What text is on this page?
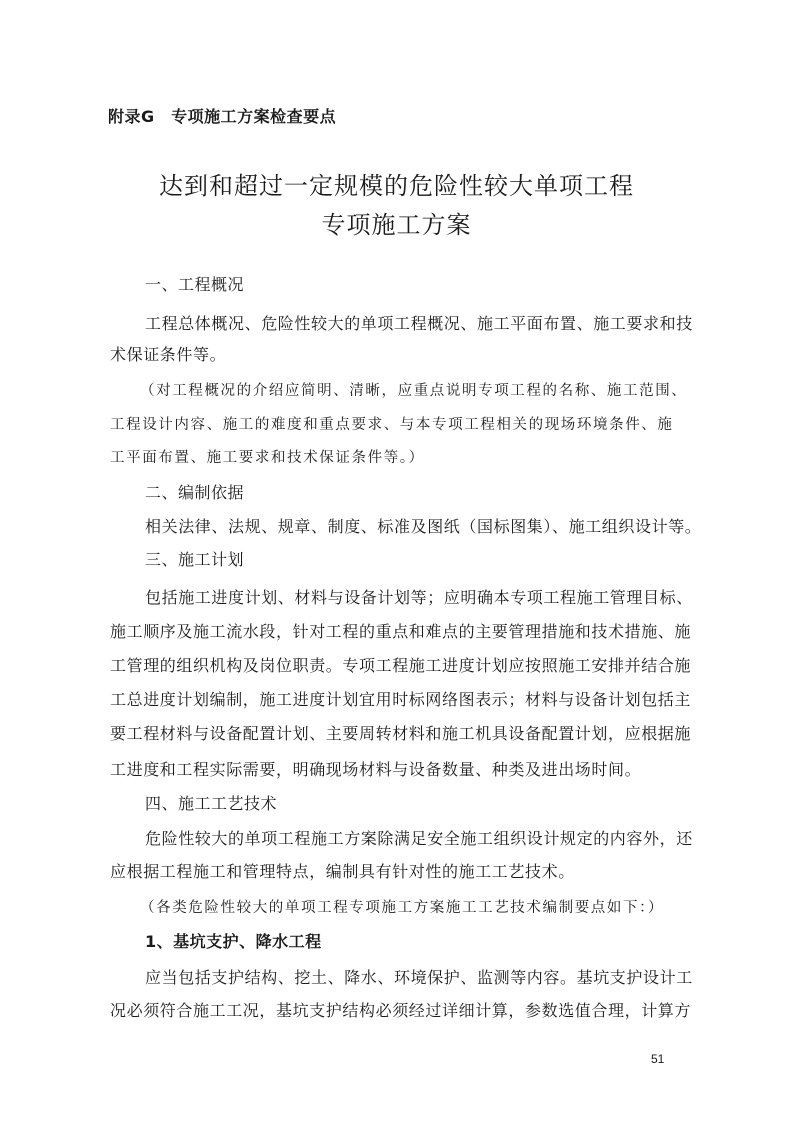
附录G　专项施工方案检查要点
达到和超过一定规模的危险性较大单项工程
专项施工方案
一、工程概况
工程总体概况、危险性较大的单项工程概况、施工平面布置、施工要求和技
术保证条件等。
（对工程概况的介绍应简明、清晰，应重点说明专项工程的名称、施工范围、
工程设计内容、施工的难度和重点要求、与本专项工程相关的现场环境条件、施
工平面布置、施工要求和技术保证条件等。）
二、编制依据
相关法律、法规、规章、制度、标准及图纸（国标图集）、施工组织设计等。
三、施工计划
包括施工进度计划、材料与设备计划等；应明确本专项工程施工管理目标、
施工顺序及施工流水段，针对工程的重点和难点的主要管理措施和技术措施、施
工管理的组织机构及岗位职责。专项工程施工进度计划应按照施工安排并结合施
工总进度计划编制，施工进度计划宜用时标网络图表示；材料与设备计划包括主
要工程材料与设备配置计划、主要周转材料和施工机具设备配置计划，应根据施
工进度和工程实际需要，明确现场材料与设备数量、种类及进出场时间。
四、施工工艺技术
危险性较大的单项工程施工方案除满足安全施工组织设计规定的内容外，还
应根据工程施工和管理特点，编制具有针对性的施工工艺技术。
（各类危险性较大的单项工程专项施工方案施工工艺技术编制要点如下：）
1、基坑支护、降水工程
应当包括支护结构、挖土、降水、环境保护、监测等内容。基坑支护设计工
况必须符合施工工况，基坑支护结构必须经过详细计算，参数选值合理，计算方
51
